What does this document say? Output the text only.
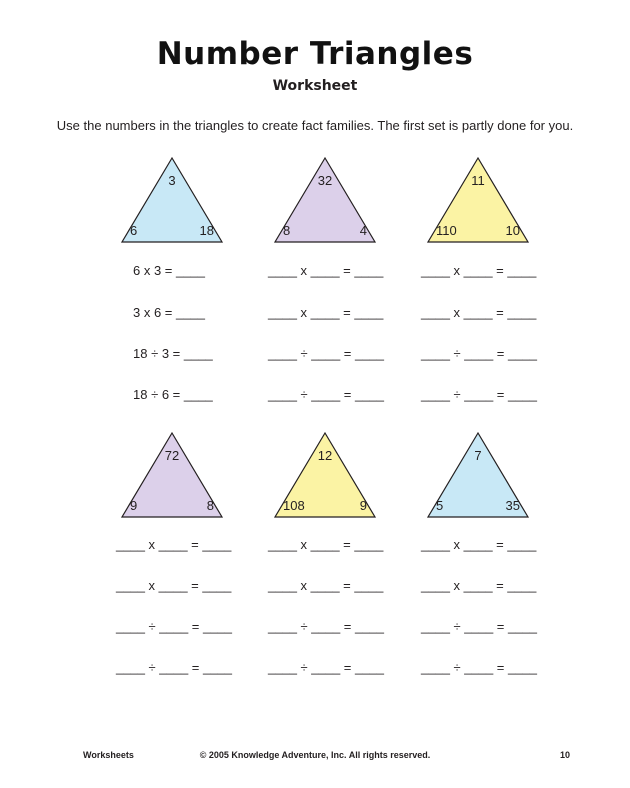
Number Triangles
Worksheet
Use the numbers in the triangles to create fact families. The first set is partly done for you.
3
6	18
32
8	4
11
110	10
72
9	8
12
108	9
7
5	35
6 x 3 = ____
3 x 6 = ____
18 ÷ 3 = ____
18 ÷ 6 = ____
____ x ____ = ____
____ x ____ = ____
____ ÷ ____ = ____
____ ÷ ____ = ____
____ x ____ = ____
____ x ____ = ____
____ ÷ ____ = ____
____ ÷ ____ = ____
____ x ____ = ____
____ x ____ = ____
____ ÷ ____ = ____
____ ÷ ____ = ____
____ x ____ = ____
____ x ____ = ____
____ ÷ ____ = ____
____ ÷ ____ = ____
____ x ____ = ____
____ x ____ = ____
____ ÷ ____ = ____
____ ÷ ____ = ____
Worksheets	© 2005 Knowledge Adventure, Inc. All rights reserved.	10
